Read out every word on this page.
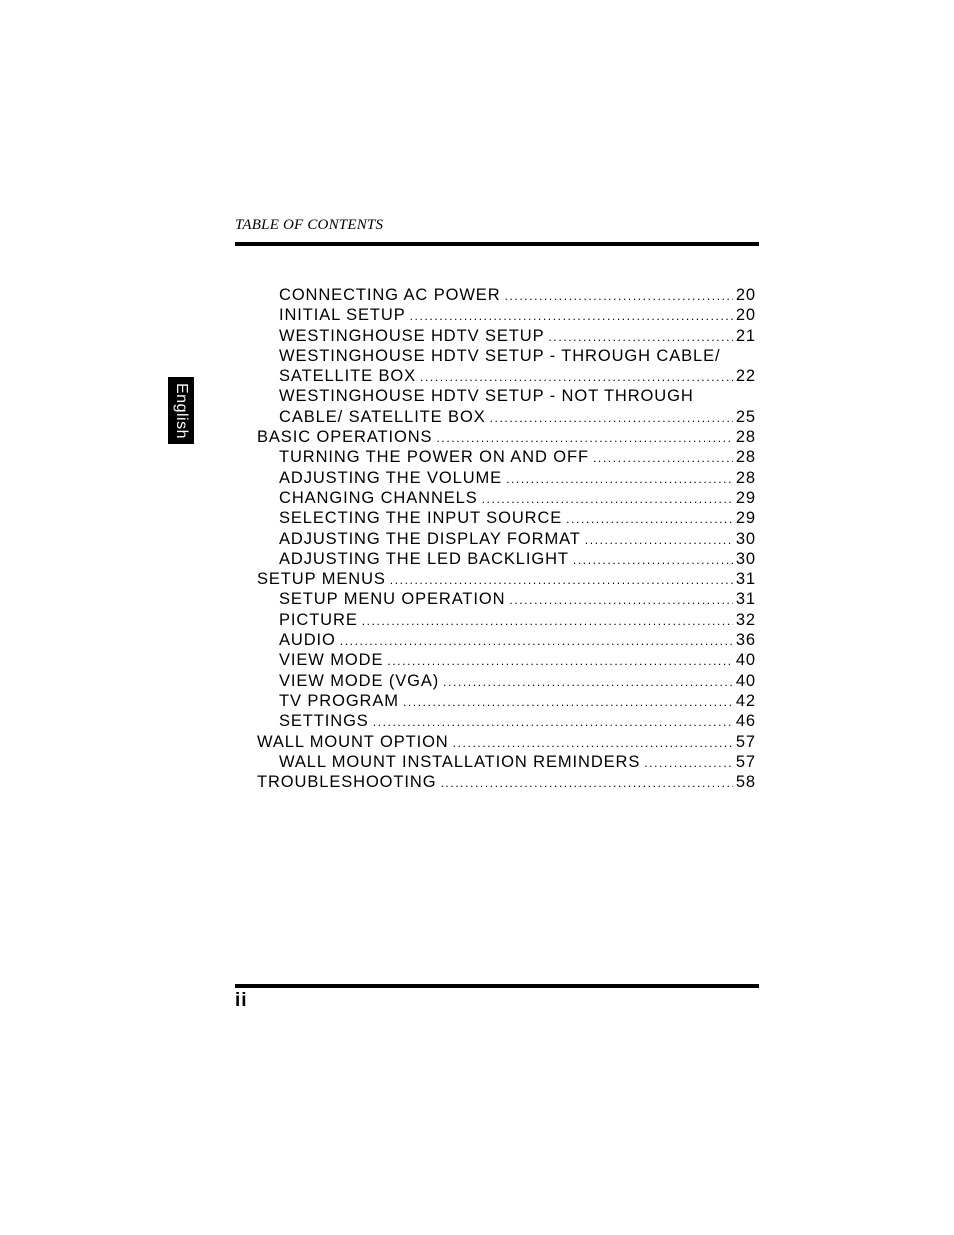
TABLE OF CONTENTS
English
CONNECTING AC POWER .....	20
INITIAL SETUP .....	20
WESTINGHOUSE HDTV SETUP .....	21
WESTINGHOUSE HDTV SETUP - THROUGH CABLE/
SATELLITE BOX .....	22
WESTINGHOUSE HDTV SETUP - NOT THROUGH
CABLE/ SATELLITE BOX .....	25
BASIC OPERATIONS .....	28
TURNING THE POWER ON AND OFF .....	28
ADJUSTING THE VOLUME .....	28
CHANGING CHANNELS .....	29
SELECTING THE INPUT SOURCE .....	29
ADJUSTING THE DISPLAY FORMAT .....	30
ADJUSTING THE LED BACKLIGHT .....	30
SETUP MENUS .....	31
SETUP MENU OPERATION .....	31
PICTURE .....	32
AUDIO .....	36
VIEW MODE .....	40
VIEW MODE (VGA) .....	40
TV PROGRAM .....	42
SETTINGS .....	46
WALL MOUNT OPTION .....	57
WALL MOUNT INSTALLATION REMINDERS .....	57
TROUBLESHOOTING .....	58
ii
